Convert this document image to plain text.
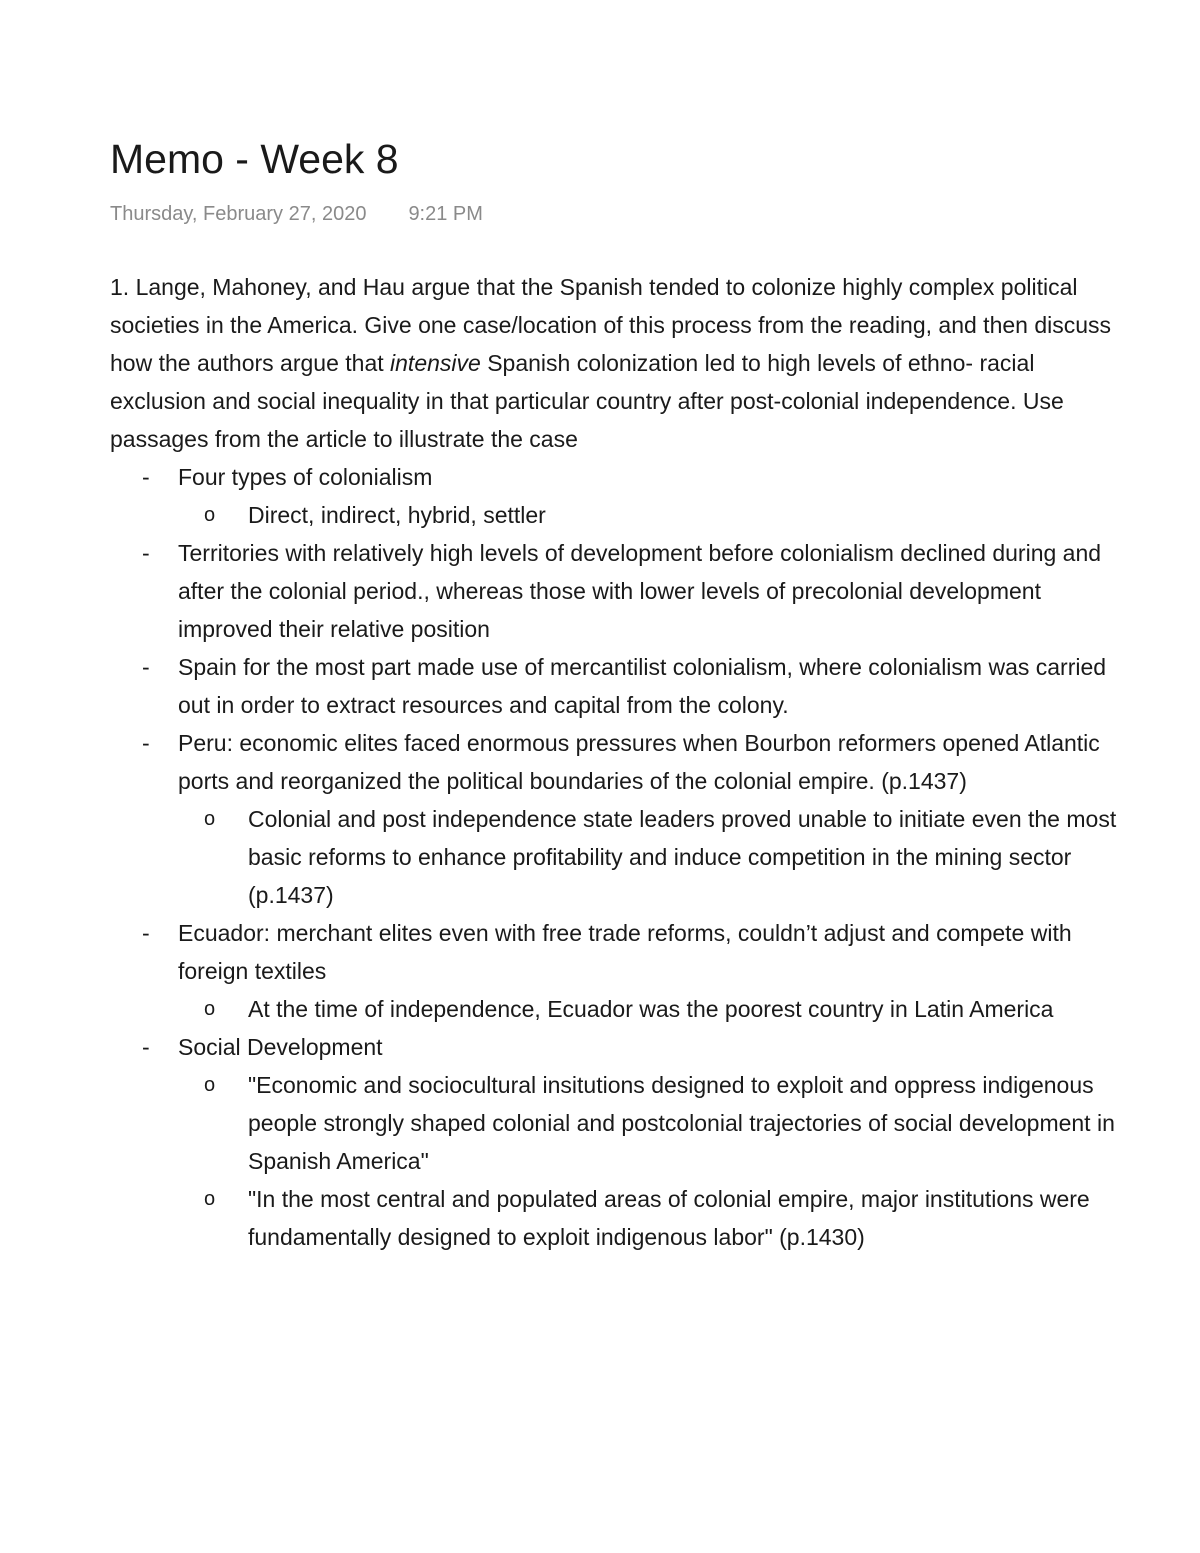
Memo - Week 8
Thursday, February 27, 2020 9:21 PM

1. Lange, Mahoney, and Hau argue that the Spanish tended to colonize highly complex political societies in the America. Give one case/location of this process from the reading, and then discuss how the authors argue that intensive Spanish colonization led to high levels of ethno- racial exclusion and social inequality in that particular country after post-colonial independence. Use passages from the article to illustrate the case

- Four types of colonialism
o Direct, indirect, hybrid, settler
- Territories with relatively high levels of development before colonialism declined during and after the colonial period., whereas those with lower levels of precolonial development improved their relative position
- Spain for the most part made use of mercantilist colonialism, where colonialism was carried out in order to extract resources and capital from the colony.
- Peru: economic elites faced enormous pressures when Bourbon reformers opened Atlantic ports and reorganized the political boundaries of the colonial empire. (p.1437)
o Colonial and post independence state leaders proved unable to initiate even the most basic reforms to enhance profitability and induce competition in the mining sector (p.1437)
- Ecuador: merchant elites even with free trade reforms, couldn’t adjust and compete with foreign textiles
o At the time of independence, Ecuador was the poorest country in Latin America
- Social Development
o "Economic and sociocultural insitutions designed to exploit and oppress indigenous people strongly shaped colonial and postcolonial trajectories of social development in Spanish America"
o "In the most central and populated areas of colonial empire, major institutions were fundamentally designed to exploit indigenous labor" (p.1430)
